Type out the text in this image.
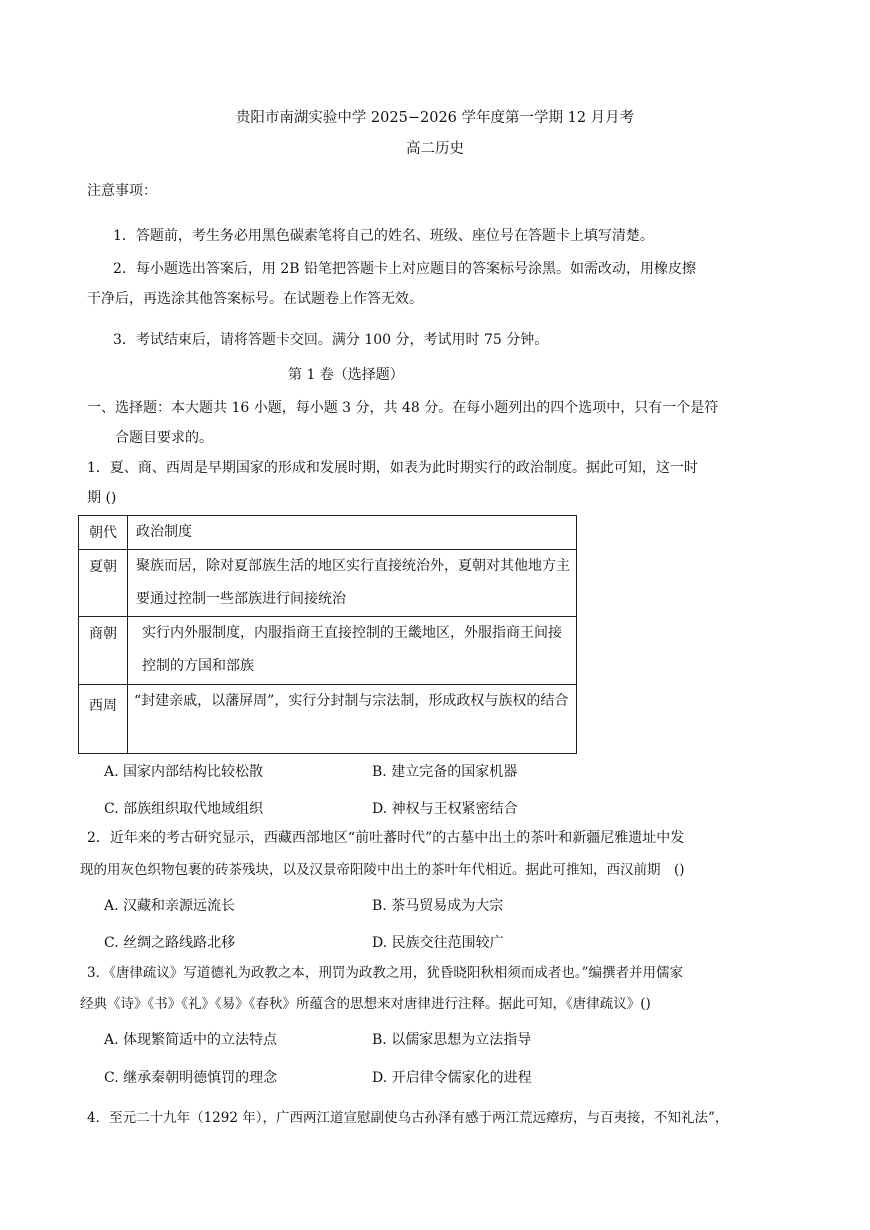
贵阳市南湖实验中学 2025−2026 学年度第一学期 12 月月考
高二历史
注意事项：
1．答题前，考生务必用黑色碳素笔将自己的姓名、班级、座位号在答题卡上填写清楚。
2．每小题选出答案后，用 2B 铅笔把答题卡上对应题目的答案标号涂黑。如需改动，用橡皮擦
干净后，再选涂其他答案标号。在试题卷上作答无效。
3．考试结束后，请将答题卡交回。满分 100 分，考试用时 75 分钟。
第 1 卷（选择题）
一、选择题：本大题共 16 小题，每小题 3 分，共 48 分。在每小题列出的四个选项中，只有一个是符
合题目要求的。
1．夏、商、西周是早期国家的形成和发展时期，如表为此时期实行的政治制度。据此可知，这一时
期 ()
朝代	政治制度
夏朝	聚族而居，除对夏部族生活的地区实行直接统治外，夏朝对其他地方主要通过控制一些部族进行间接统治
商朝	实行内外服制度，内服指商王直接控制的王畿地区，外服指商王间接控制的方国和部族
西周	“封建亲戚，以藩屏周”，实行分封制与宗法制，形成政权与族权的结合
A. 国家内部结构比较松散	B. 建立完备的国家机器
C. 部族组织取代地域组织	D. 神权与王权紧密结合
2．近年来的考古研究显示，西藏西部地区“前吐蕃时代”的古墓中出土的茶叶和新疆尼雅遗址中发
现的用灰色织物包裹的砖茶残块，以及汉景帝阳陵中出土的茶叶年代相近。据此可推知，西汉前期　()
A. 汉藏和亲源远流长	B. 茶马贸易成为大宗
C. 丝绸之路线路北移	D. 民族交往范围较广
3．《唐律疏议》写道德礼为政教之本，刑罚为政教之用，犹昏晓阳秋相须而成者也。”编撰者并用儒家
经典《诗》《书》《礼》《易》《春秋》所蕴含的思想来对唐律进行注释。据此可知，《唐律疏议》()
A. 体现繁简适中的立法特点	B. 以儒家思想为立法指导
C. 继承秦朝明德慎罚的理念	D. 开启律令儒家化的进程
4．至元二十九年（1292 年），广西两江道宣慰副使乌古孙泽有感于两江荒远瘴疠，与百夷接，不知礼法”，
